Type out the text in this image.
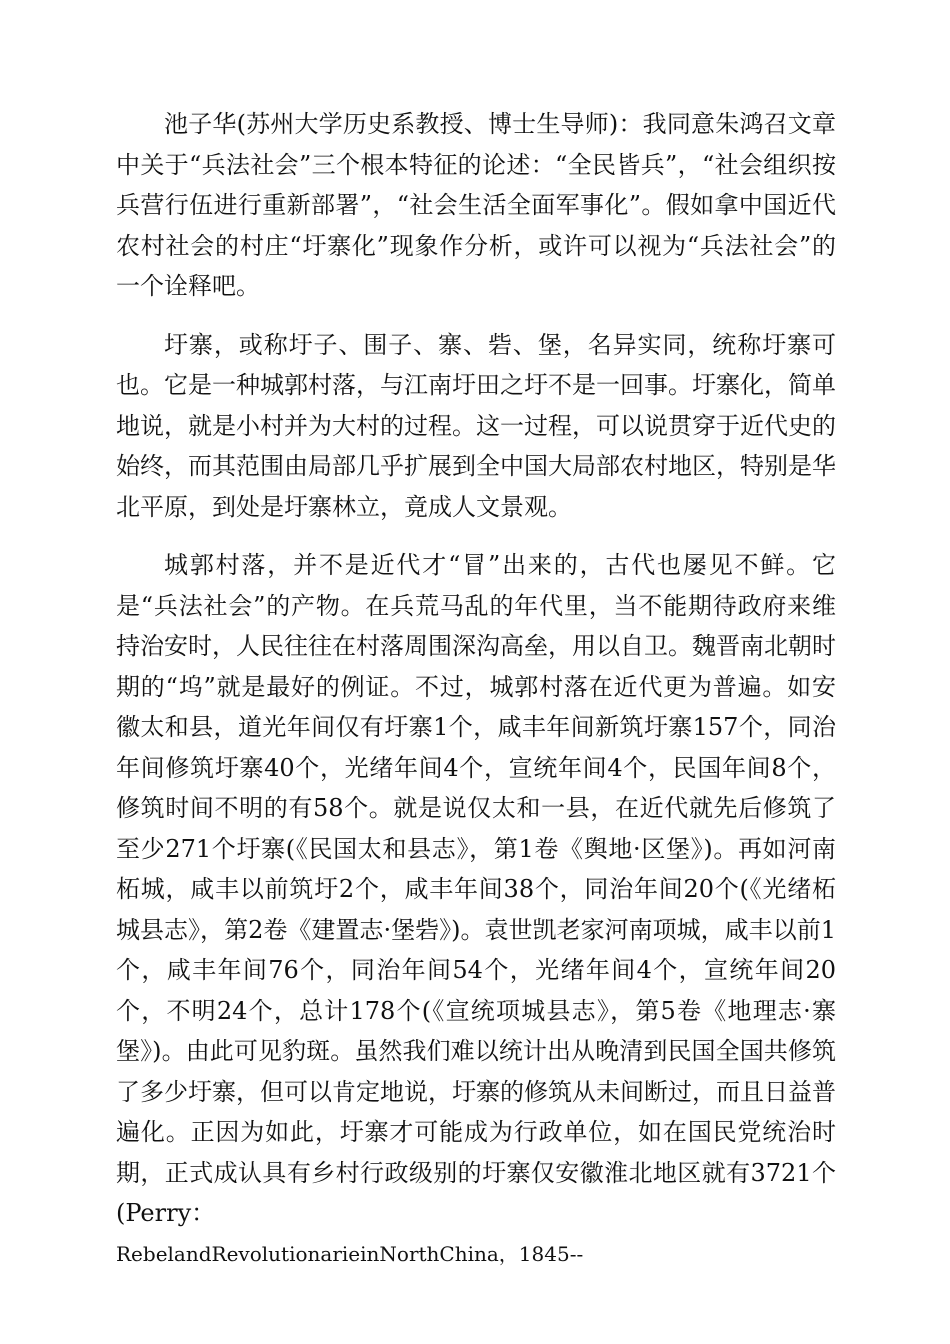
池子华(苏州大学历史系教授、博士生导师)：我同意朱鸿召文章中关于“兵法社会”三个根本特征的论述：“全民皆兵”，“社会组织按兵营行伍进行重新部署”，“社会生活全面军事化”。假如拿中国近代农村社会的村庄“圩寨化”现象作分析，或许可以视为“兵法社会”的一个诠释吧。

圩寨，或称圩子、围子、寨、砦、堡，名异实同，统称圩寨可也。它是一种城郭村落，与江南圩田之圩不是一回事。圩寨化，简单地说，就是小村并为大村的过程。这一过程，可以说贯穿于近代史的始终，而其范围由局部几乎扩展到全中国大局部农村地区，特别是华北平原，到处是圩寨林立，竟成人文景观。

城郭村落，并不是近代才“冒”出来的，古代也屡见不鲜。它是“兵法社会”的产物。在兵荒马乱的年代里，当不能期待政府来维持治安时，人民往往在村落周围深沟高垒，用以自卫。魏晋南北朝时期的“坞”就是最好的例证。不过，城郭村落在近代更为普遍。如安徽太和县，道光年间仅有圩寨1个，咸丰年间新筑圩寨157个，同治年间修筑圩寨40个，光绪年间4个，宣统年间4个，民国年间8个，修筑时间不明的有58个。就是说仅太和一县，在近代就先后修筑了至少271个圩寨(《民国太和县志》，第1卷《舆地·区堡》)。再如河南柘城，咸丰以前筑圩2个，咸丰年间38个，同治年间20个(《光绪柘城县志》，第2卷《建置志·堡砦》)。袁世凯老家河南项城，咸丰以前1个，咸丰年间76个，同治年间54个，光绪年间4个，宣统年间20个，不明24个，总计178个(《宣统项城县志》，第5卷《地理志·寨堡》)。由此可见豹斑。虽然我们难以统计出从晚清到民国全国共修筑了多少圩寨，但可以肯定地说，圩寨的修筑从未间断过，而且日益普遍化。正因为如此，圩寨才可能成为行政单位，如在国民党统治时期，正式成认具有乡村行政级别的圩寨仅安徽淮北地区就有3721个(Perry：
RebelandRevolutionarieinNorthChina，1845--
